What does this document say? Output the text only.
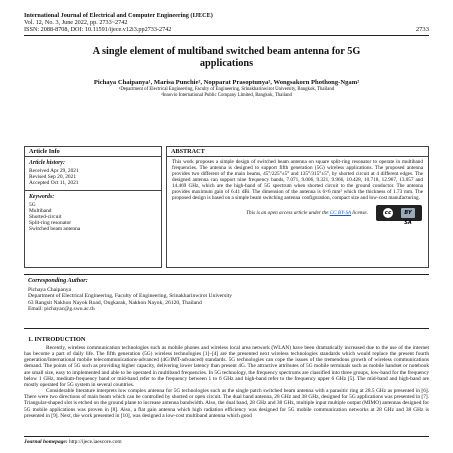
International Journal of Electrical and Computer Engineering (IJECE)
Vol. 12, No. 3, June 2022, pp. 2733~2742
ISSN: 2088-8708, DOI: 10.11591/ijece.v12i3.pp2733-2742	2733
A single element of multiband switched beam antenna for 5G
applications
Pichaya Chaipanya¹, Marisa Punchie², Nopparat Prasoptunya², Wongsakorn Phothong-Ngam²
¹Department of Electrical Engineering, Faculty of Engineering, Srinakharinwirot University, Bangkok, Thailand
²Innovio International Public Company Limited, Bangkok, Thailand
Article Info
Article history:
Received Apr 29, 2021
Revised Sep 20, 2021
Accepted Oct 11, 2021
Keywords:
5G
Multiband
Shorted-circuit
Split-ring resonator
Switched beam antenna
ABSTRACT
This work proposes a simple design of switched beam antenna on square split-ring resonator to operate in multiband frequencies. The antenna is designed to support fifth generation (5G) wireless applications. The proposed antenna provides two different of the main beams, 45°/225°±5° and 135°/315°±5°, by shorted circuit at 4 different edges. The designed antenna can support nine frequency bands, 7.071, 9.006, 9.321, 9.966, 10.428, 10.718, 12.967, 13.057 and 14.469 GHz, which are the high-band of 5G spectrum when shorted circuit to the ground conductor. The antenna provides maximum gain of 6.41 dBi. The dimension of the antenna is 6×6 mm² which the thickness of 1.73 mm. The proposed design is based on a simple beam switching antenna configuration, compact size and low-cost manufacturing.
This is an open access article under the CC BY-SA license.	cc	BY SA
Corresponding Author:
Pichaya Chaipanya
Department of Electrical Engineering, Faculty of Engineering, Srinakharinwirot University
63 Rangsit Nakhon Nayok Road, Ongkarak, Nakhon Nayok, 26120, Thailand
Email: pichayac@g.swu.ac.th
1. INTRODUCTION

Recently, wireless communication technologies such as mobile phones and wireless local area network (WLAN) have been dramatically increased due to the use of the internet has become a part of daily life. The fifth generation (5G) wireless technologies [1]–[4] are the presented next wireless technologies standards which would replace the present fourth generation/International mobile telecommunications-advanced (4G/IMT-advanced) standards. 5G technologies can cope the issues of the tremendous growth of wireless communications demand. The points of 5G such as providing higher capacity, delivering lower latency than present 4G. The attractive attributes of 5G mobile terminals such as mobile handset or notebook are small size, easy to implemented and able to be operated in multiband frequencies. In 5G technology, the frequency spectrums are classified into three groups, low-band for the frequency below 1 GHz, medium-frequency band or mid-band refer to the frequency between 1 to 6 GHz and high-band refer to the frequency upper 6 GHz [5]. The mid-band and high-band are mostly operated for 5G system in several countries.

Considerable literature interprets low complex antenna for 5G technologies such as the single patch switched beam antenna with a parasitic ring at 28.5 GHz as presented in [6]. There were two directions of main beam which can be controlled by shorted or open circuit. The dual band antenna, 28 GHz and 38 GHz, designed for 5G applications was presented in [7]. Triangular-shaped slot is etched on the ground plane to increase antenna bandwidth. Also, the dual band, 28 GHz and 38 GHz, multiple input multiple output (MIMO) antennas designed for 5G mobile applications was proven in [8]. Also, a flat gain antenna which high radiation efficiency was designed for 5G mobile communication networks at 28 GHz and 38 GHz is presented in [9]. Next, the work presented in [10], was designed a low-cost multiband antenna which good

Journal homepage: http://ijece.iaescore.com
